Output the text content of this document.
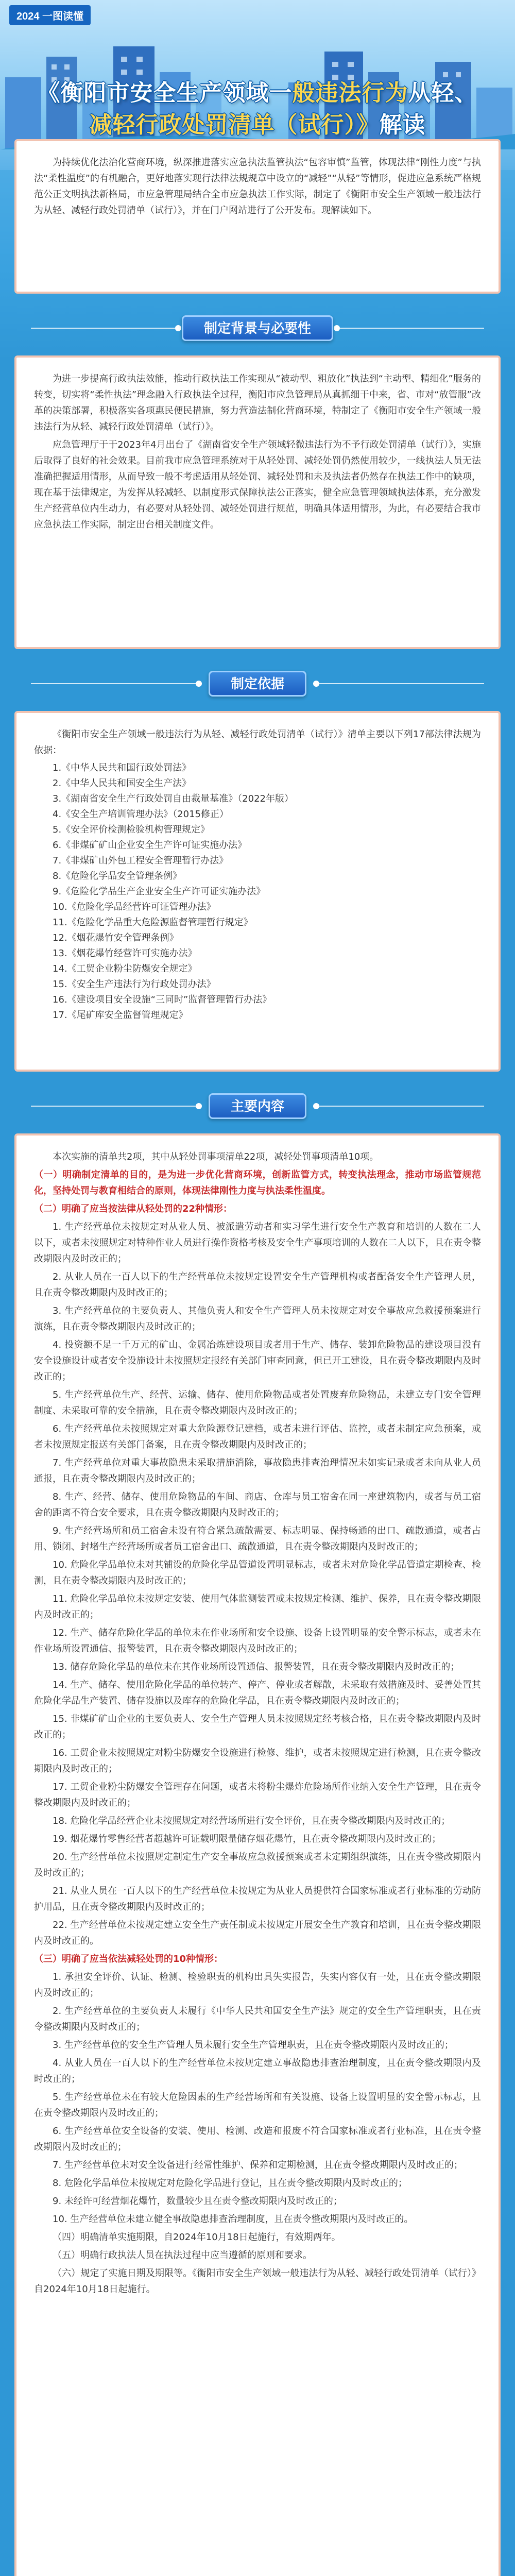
2024 一图读懂
《衡阳市安全生产领域一般违法行为从轻、
减轻行政处罚清单（试行）》解读

为持续优化法治化营商环境，纵深推进落实应急执法监管执法“包容审慎”监管，体现法律“刚性力度”与执法“柔性温度”的有机融合，更好地落实现行法律法规规章中设立的“减轻”“从轻”等情形，促进应急系统严格规范公正文明执法新格局，市应急管理局结合全市应急执法工作实际，制定了《衡阳市安全生产领域一般违法行为从轻、减轻行政处罚清单（试行）》，并在门户网站进行了公开发布。现解读如下。

制定背景与必要性

为进一步提高行政执法效能，推动行政执法工作实现从“被动型、粗放化”执法到“主动型、精细化”服务的转变，切实将“柔性执法”理念融入行政执法全过程，衡阳市应急管理局从真抓细干中来，省、市对“放管服”改革的决策部署，积极落实各项惠民便民措施，努力营造法制化营商环境，特制定了《衡阳市安全生产领域一般违法行为从轻、减轻行政处罚清单（试行）》。

应急管理厅于于2023年4月出台了《湖南省安全生产领域轻微违法行为不予行政处罚清单（试行）》，实施后取得了良好的社会效果。目前我市应急管理系统对于从轻处罚、减轻处罚仍然使用较少，一线执法人员无法准确把握适用情形，从而导致一般不考虑适用从轻处罚、减轻处罚和未及执法者仍然存在执法工作中的缺项，现在基于法律规定，为发挥从轻减轻、以制度形式保障执法公正落实，健全应急管理领域执法体系，充分激发生产经营单位内生动力，有必要对从轻处罚、减轻处罚进行规范，明确具体适用情形，为此，有必要结合我市应急执法工作实际，制定出台相关制度文件。

制定依据

《衡阳市安全生产领域一般违法行为从轻、减轻行政处罚清单（试行）》清单主要以下列17部法律法规为依据：

1.《中华人民共和国行政处罚法》
2.《中华人民共和国安全生产法》
3.《湖南省安全生产行政处罚自由裁量基准》（2022年版）
4.《安全生产培训管理办法》（2015修正）
5.《安全评价检测检验机构管理规定》
6.《非煤矿矿山企业安全生产许可证实施办法》
7.《非煤矿山外包工程安全管理暂行办法》
8.《危险化学品安全管理条例》
9.《危险化学品生产企业安全生产许可证实施办法》
10.《危险化学品经营许可证管理办法》
11.《危险化学品重大危险源监督管理暂行规定》
12.《烟花爆竹安全管理条例》
13.《烟花爆竹经营许可实施办法》
14.《工贸企业粉尘防爆安全规定》
15.《安全生产违法行为行政处罚办法》
16.《建设项目安全设施“三同时”监督管理暂行办法》
17.《尾矿库安全监督管理规定》
主要内容

本次实施的清单共2项，其中从轻处罚事项清单22项，减轻处罚事项清单10项。

（一）明确制定清单的目的，是为进一步优化营商环境，创新监管方式，转变执法理念，推动市场监管规范化，坚持处罚与教育相结合的原则，体现法律刚性力度与执法柔性温度。

（二）明确了应当按法律从轻处罚的22种情形：

1. 生产经营单位未按规定对从业人员、被派遣劳动者和实习学生进行安全生产教育和培训的人数在二人以下，或者未按照规定对特种作业人员进行操作资格考核及安全生产事项培训的人数在二人以下，且在责令整改期限内及时改正的；

2. 从业人员在一百人以下的生产经营单位未按规定设置安全生产管理机构或者配备安全生产管理人员，且在责令整改期限内及时改正的；

3. 生产经营单位的主要负责人、其他负责人和安全生产管理人员未按规定对安全事故应急救援预案进行演练，且在责令整改期限内及时改正的；

4. 投资额不足一千万元的矿山、金属冶炼建设项目或者用于生产、储存、装卸危险物品的建设项目没有安全设施设计或者安全设施设计未按照规定报经有关部门审查同意，但已开工建设，且在责令整改期限内及时改正的；

5. 生产经营单位生产、经营、运输、储存、使用危险物品或者处置废弃危险物品，未建立专门安全管理制度、未采取可靠的安全措施，且在责令整改期限内及时改正的；

6. 生产经营单位未按照规定对重大危险源登记建档，或者未进行评估、监控，或者未制定应急预案，或者未按照规定报送有关部门备案，且在责令整改期限内及时改正的；

7. 生产经营单位对重大事故隐患未采取措施消除，事故隐患排查治理情况未如实记录或者未向从业人员通报，且在责令整改期限内及时改正的；

8. 生产、经营、储存、使用危险物品的车间、商店、仓库与员工宿舍在同一座建筑物内，或者与员工宿舍的距离不符合安全要求，且在责令整改期限内及时改正的；

9. 生产经营场所和员工宿舍未设有符合紧急疏散需要、标志明显、保持畅通的出口、疏散通道，或者占用、锁闭、封堵生产经营场所或者员工宿舍出口、疏散通道，且在责令整改期限内及时改正的；

10. 危险化学品单位未对其铺设的危险化学品管道设置明显标志，或者未对危险化学品管道定期检查、检测，且在责令整改期限内及时改正的；

11. 危险化学品单位未按规定安装、使用气体监测装置或未按规定检测、维护、保养，且在责令整改期限内及时改正的；

12. 生产、储存危险化学品的单位未在作业场所和安全设施、设备上设置明显的安全警示标志，或者未在作业场所设置通信、报警装置，且在责令整改期限内及时改正的；

13. 储存危险化学品的单位未在其作业场所设置通信、报警装置，且在责令整改期限内及时改正的；

14. 生产、储存、使用危险化学品的单位转产、停产、停业或者解散，未采取有效措施及时、妥善处置其危险化学品生产装置、储存设施以及库存的危险化学品，且在责令整改期限内及时改正的；

15. 非煤矿矿山企业的主要负责人、安全生产管理人员未按照规定经考核合格，且在责令整改期限内及时改正的；

16. 工贸企业未按照规定对粉尘防爆安全设施进行检修、维护，或者未按照规定进行检测，且在责令整改期限内及时改正的；

17. 工贸企业粉尘防爆安全管理存在问题，或者未将粉尘爆炸危险场所作业纳入安全生产管理，且在责令整改期限内及时改正的；

18. 危险化学品经营企业未按照规定对经营场所进行安全评价，且在责令整改期限内及时改正的；

19. 烟花爆竹零售经营者超越许可证载明限量储存烟花爆竹，且在责令整改期限内及时改正的；

20. 生产经营单位未按照规定制定生产安全事故应急救援预案或者未定期组织演练，且在责令整改期限内及时改正的；

21. 从业人员在一百人以下的生产经营单位未按规定为从业人员提供符合国家标准或者行业标准的劳动防护用品，且在责令整改期限内及时改正的；

22. 生产经营单位未按规定建立安全生产责任制或未按规定开展安全生产教育和培训，且在责令整改期限内及时改正的。

（三）明确了应当依法减轻处罚的10种情形：

1. 承担安全评价、认证、检测、检验职责的机构出具失实报告，失实内容仅有一处，且在责令整改期限内及时改正的；

2. 生产经营单位的主要负责人未履行《中华人民共和国安全生产法》规定的安全生产管理职责，且在责令整改期限内及时改正的；

3. 生产经营单位的安全生产管理人员未履行安全生产管理职责，且在责令整改期限内及时改正的；

4. 从业人员在一百人以下的生产经营单位未按规定建立事故隐患排查治理制度，且在责令整改期限内及时改正的；

5. 生产经营单位未在有较大危险因素的生产经营场所和有关设施、设备上设置明显的安全警示标志，且在责令整改期限内及时改正的；

6. 生产经营单位安全设备的安装、使用、检测、改造和报废不符合国家标准或者行业标准，且在责令整改期限内及时改正的；

7. 生产经营单位未对安全设备进行经常性维护、保养和定期检测，且在责令整改期限内及时改正的；

8. 危险化学品单位未按规定对危险化学品进行登记，且在责令整改期限内及时改正的；

9. 未经许可经营烟花爆竹，数量较少且在责令整改期限内及时改正的；

10. 生产经营单位未建立健全事故隐患排查治理制度，且在责令整改期限内及时改正的。

（四）明确清单实施期限，自2024年10月18日起施行，有效期两年。

（五）明确行政执法人员在执法过程中应当遵循的原则和要求。

（六）规定了实施日期及期限等。《衡阳市安全生产领域一般违法行为从轻、减轻行政处罚清单（试行）》自2024年10月18日起施行。
